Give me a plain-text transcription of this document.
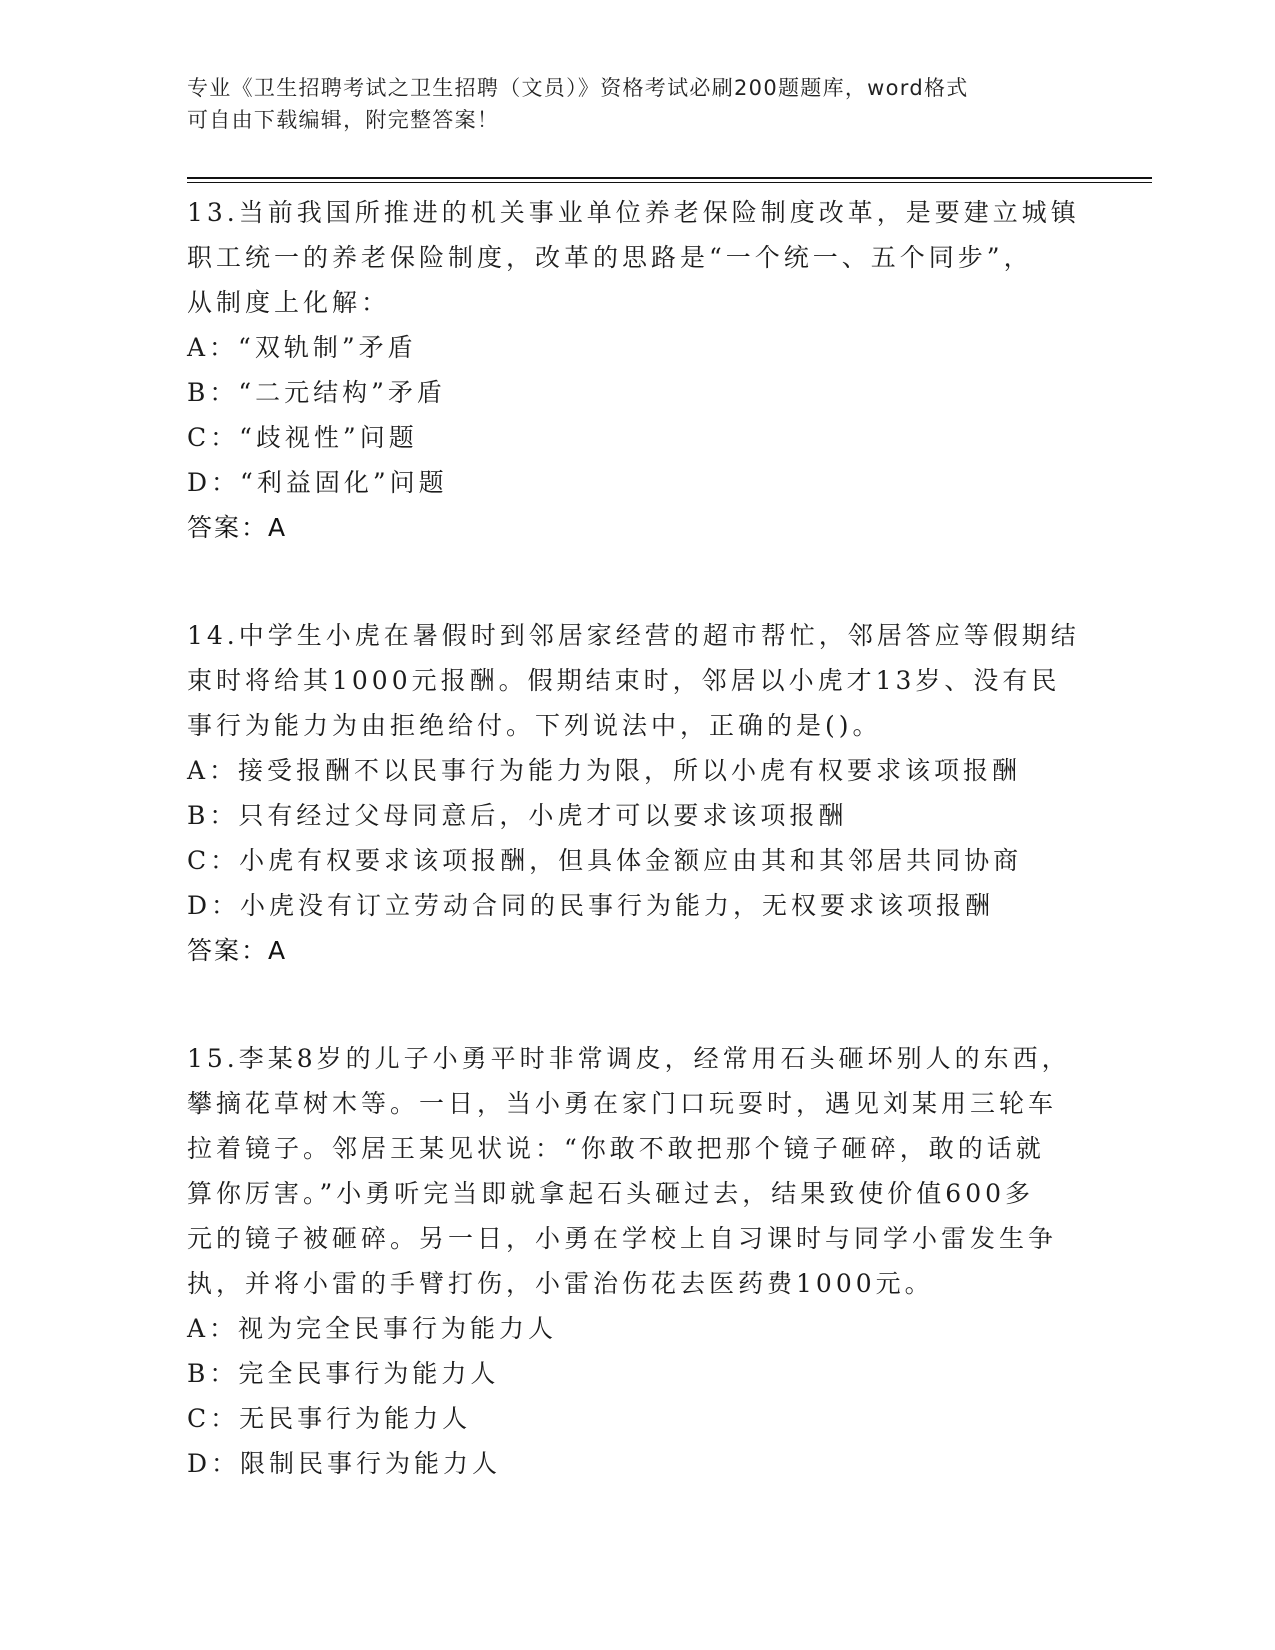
专业《卫生招聘考试之卫生招聘（文员）》资格考试必刷200题题库，word格式
可自由下载编辑，附完整答案！
13.当前我国所推进的机关事业单位养老保险制度改革，是要建立城镇
职工统一的养老保险制度，改革的思路是“一个统一、五个同步”，
从制度上化解：
A：“双轨制”矛盾
B：“二元结构”矛盾
C：“歧视性”问题
D：“利益固化”问题
答案：A
14.中学生小虎在暑假时到邻居家经营的超市帮忙，邻居答应等假期结
束时将给其1000元报酬。假期结束时，邻居以小虎才13岁、没有民
事行为能力为由拒绝给付。下列说法中，正确的是()。
A：接受报酬不以民事行为能力为限，所以小虎有权要求该项报酬
B：只有经过父母同意后，小虎才可以要求该项报酬
C：小虎有权要求该项报酬，但具体金额应由其和其邻居共同协商
D：小虎没有订立劳动合同的民事行为能力，无权要求该项报酬
答案：A
15.李某8岁的儿子小勇平时非常调皮，经常用石头砸坏别人的东西，
攀摘花草树木等。一日，当小勇在家门口玩耍时，遇见刘某用三轮车
拉着镜子。邻居王某见状说：“你敢不敢把那个镜子砸碎，敢的话就
算你厉害。”小勇听完当即就拿起石头砸过去，结果致使价值600多
元的镜子被砸碎。另一日，小勇在学校上自习课时与同学小雷发生争
执，并将小雷的手臂打伤，小雷治伤花去医药费1000元。
A：视为完全民事行为能力人
B：完全民事行为能力人
C：无民事行为能力人
D：限制民事行为能力人
